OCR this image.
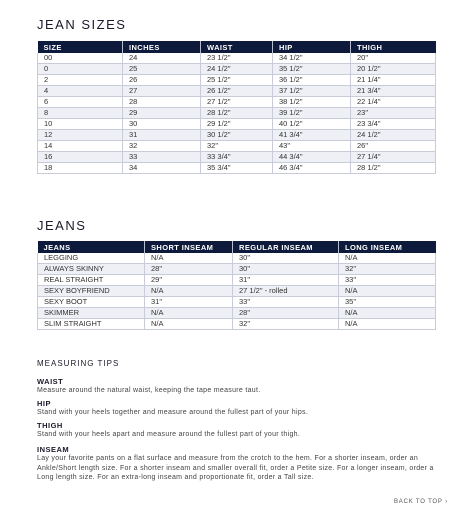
JEAN SIZES
SIZE	INCHES	WAIST	HIP	THIGH
00	24	23 1/2"	34 1/2"	20"
0	25	24 1/2"	35 1/2"	20 1/2"
2	26	25 1/2"	36 1/2"	21 1/4"
4	27	26 1/2"	37 1/2"	21 3/4"
6	28	27 1/2"	38 1/2"	22 1/4"
8	29	28 1/2"	39 1/2"	23"
10	30	29 1/2"	40 1/2"	23 3/4"
12	31	30 1/2"	41 3/4"	24 1/2"
14	32	32"	43"	26"
16	33	33 3/4"	44 3/4"	27 1/4"
18	34	35 3/4"	46 3/4"	28 1/2"
JEANS
JEANS	SHORT INSEAM	REGULAR INSEAM	LONG INSEAM
LEGGING	N/A	30"	N/A
ALWAYS SKINNY	28"	30"	32"
REAL STRAIGHT	29"	31"	33"
SEXY BOYFRIEND	N/A	27 1/2" - rolled	N/A
SEXY BOOT	31"	33"	35"
SKIMMER	N/A	28"	N/A
SLIM STRAIGHT	N/A	32"	N/A
MEASURING TIPS
WAIST
Measure around the natural waist, keeping the tape measure taut.
HIP
Stand with your heels together and measure around the fullest part of your hips.
THIGH
Stand with your heels apart and measure around the fullest part of your thigh.
INSEAM
Lay your favorite pants on a flat surface and measure from the crotch to the hem. For a shorter inseam, order an Ankle/Short length size. For a shorter inseam and smaller overall fit, order a Petite size. For a longer inseam, order a Long length size. For an extra-long inseam and proportionate fit, order a Tall size.
BACK TO TOP ›
